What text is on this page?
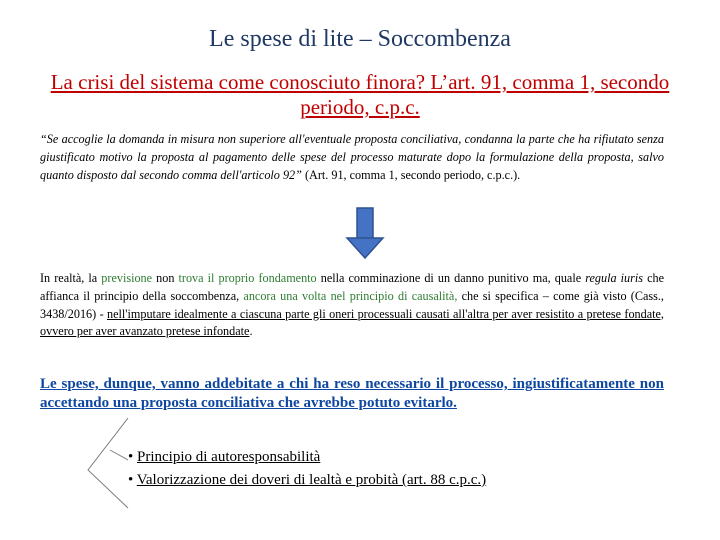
Le spese di lite – Soccombenza
La crisi del sistema come conosciuto finora? L’art. 91, comma 1, secondo periodo, c.p.c.
“Se accoglie la domanda in misura non superiore all'eventuale proposta conciliativa, condanna la parte che ha rifiutato senza giustificato motivo la proposta al pagamento delle spese del processo maturate dopo la formulazione della proposta, salvo quanto disposto dal secondo comma dell'articolo 92” (Art. 91, comma 1, secondo periodo, c.p.c.).
In realtà, la previsione non trova il proprio fondamento nella comminazione di un danno punitivo ma, quale regula iuris che affianca il principio della soccombenza, ancora una volta nel principio di causalità, che si specifica – come già visto (Cass., 3438/2016) - nell'imputare idealmente a ciascuna parte gli oneri processuali causati all'altra per aver resistito a pretese fondate, ovvero per aver avanzato pretese infondate.
Le spese, dunque, vanno addebitate a chi ha reso necessario il processo, ingiustificatamente non accettando una proposta conciliativa che avrebbe potuto evitarlo.
• Principio di autoresponsabilità
• Valorizzazione dei doveri di lealtà e probità (art. 88 c.p.c.)
